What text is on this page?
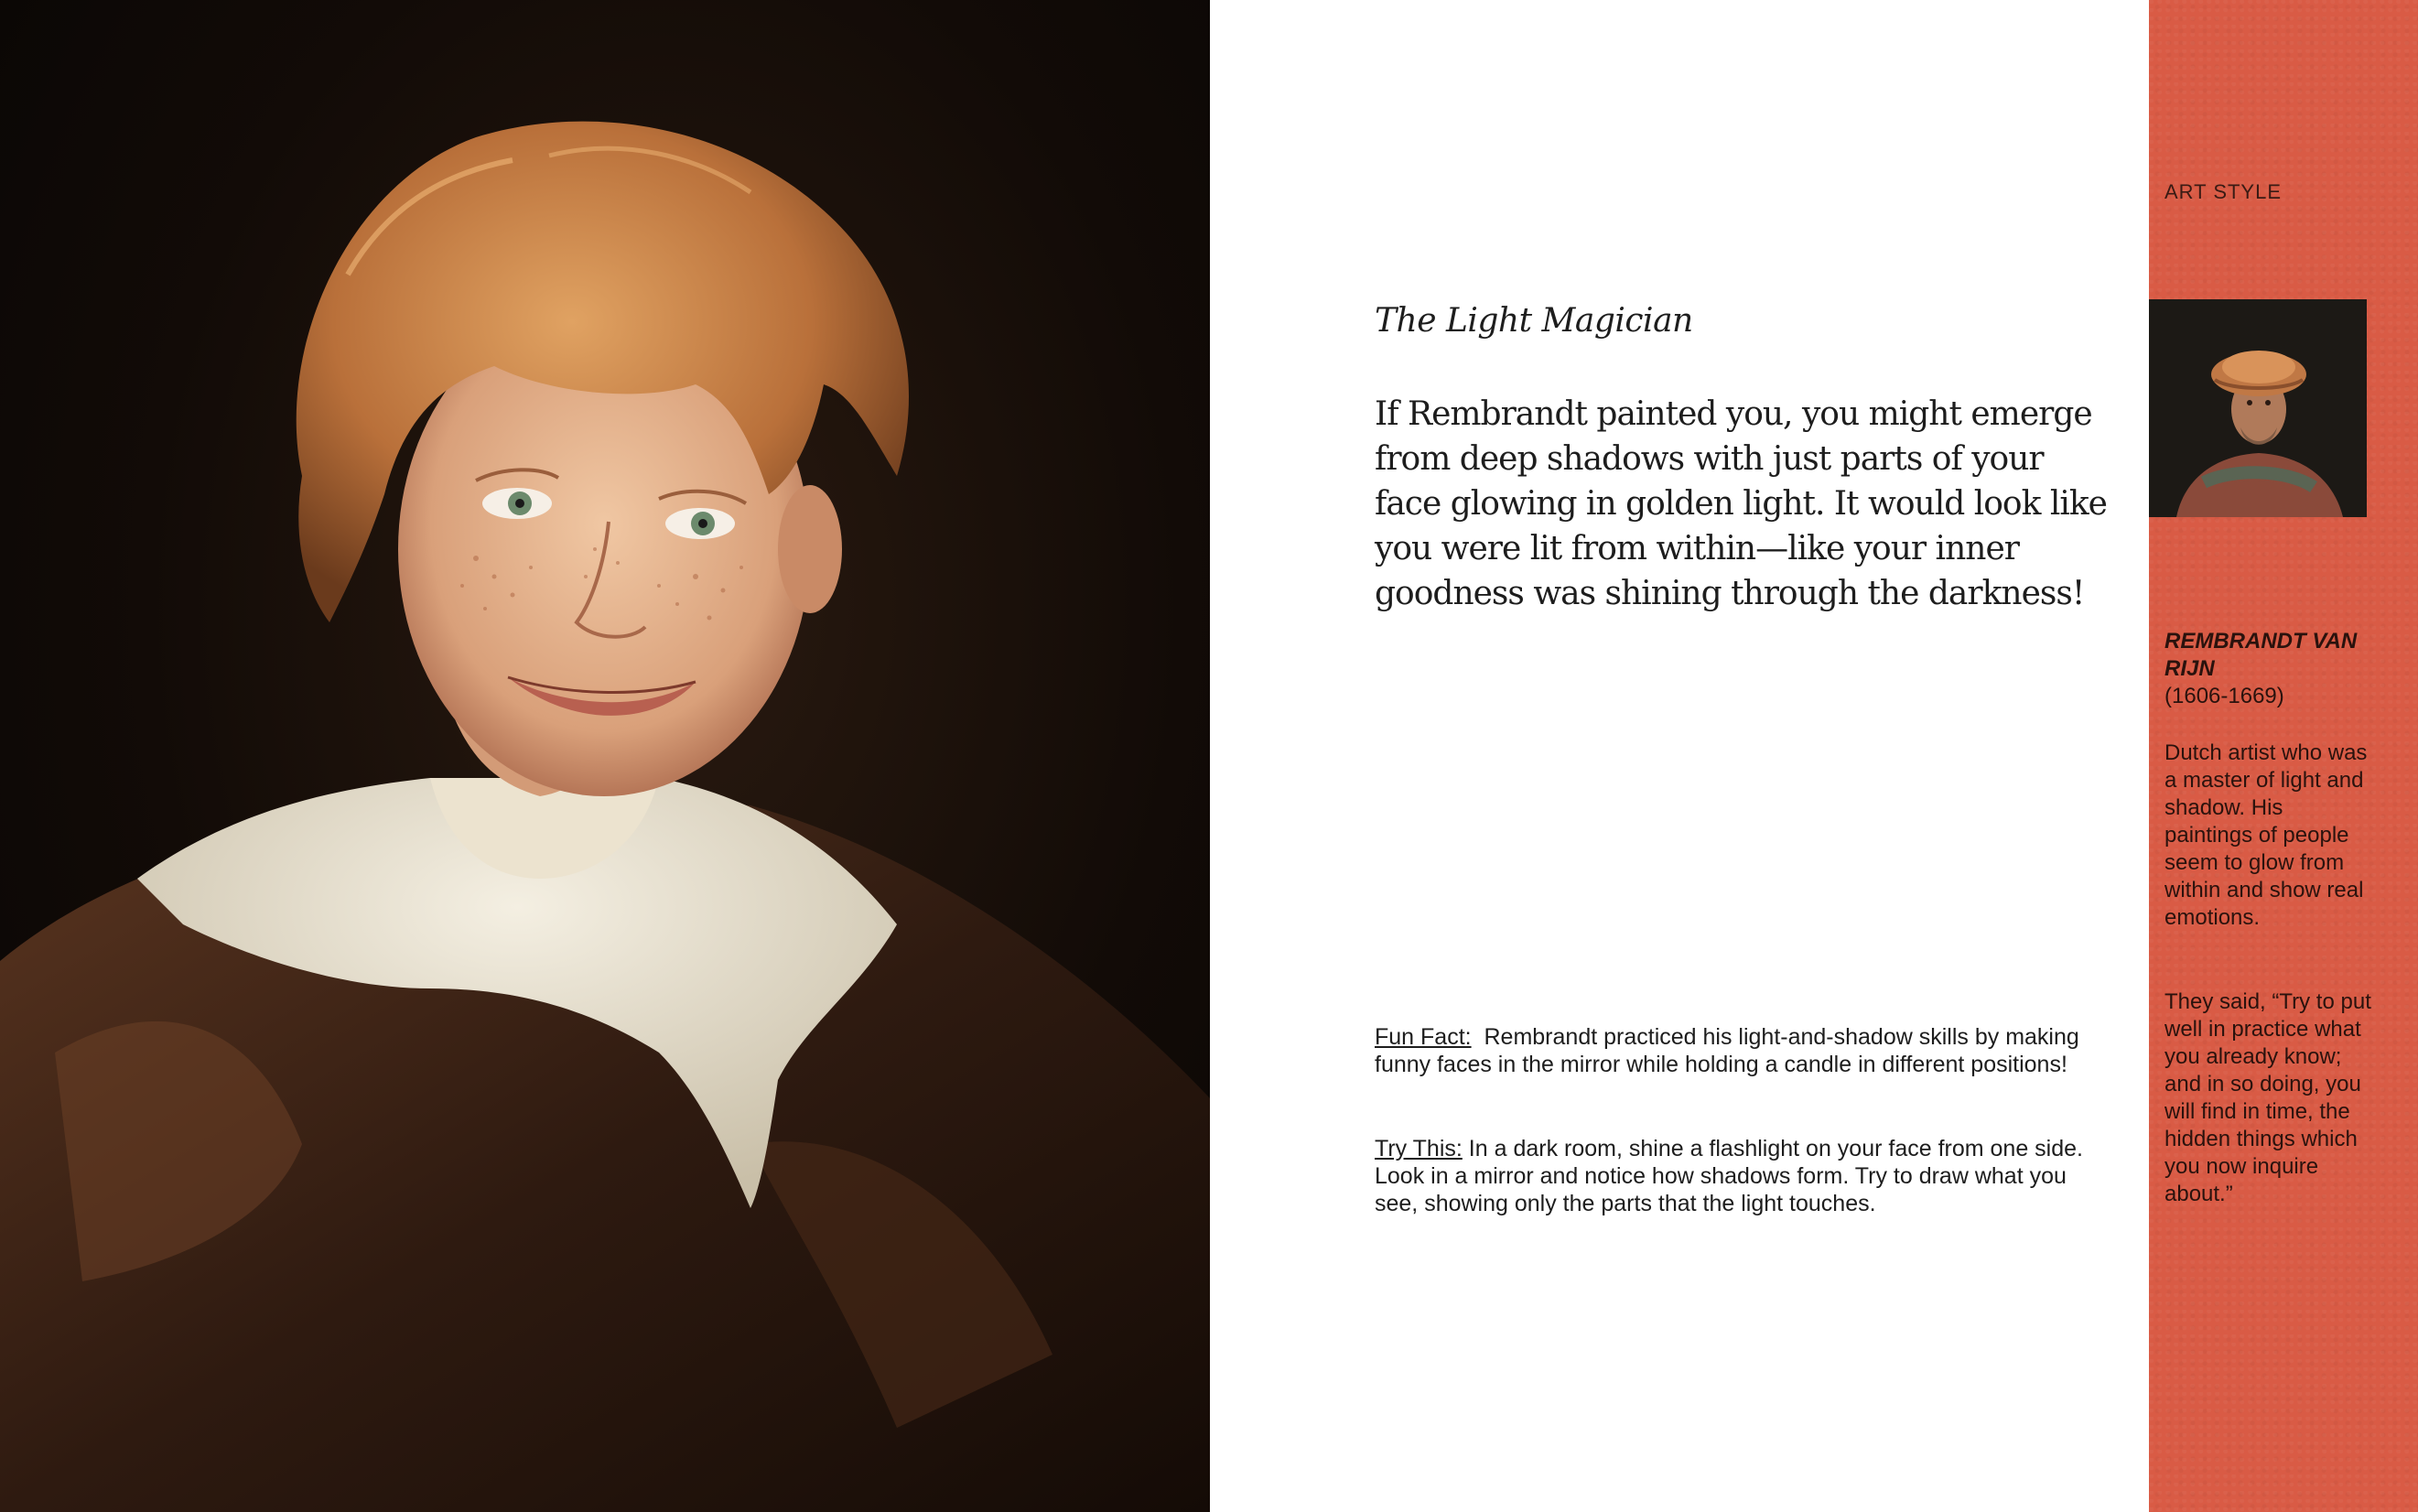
The Light Magician
If Rembrandt painted you, you might emerge from deep shadows with just parts of your face glowing in golden light. It would look like you were lit from within—like your inner goodness was shining through the darkness!
Fun Fact: Rembrandt practiced his light-and-shadow skills by making funny faces in the mirror while holding a candle in different positions!
Try This: In a dark room, shine a flashlight on your face from one side. Look in a mirror and notice how shadows form. Try to draw what you see, showing only the parts that the light touches.
ART STYLE
REMBRANDT VAN RIJN
(1606-1669)
Dutch artist who was a master of light and shadow. His paintings of people seem to glow from within and show real emotions.
They said, “Try to put well in practice what you already know; and in so doing, you will find in time, the hidden things which you now inquire about.”
